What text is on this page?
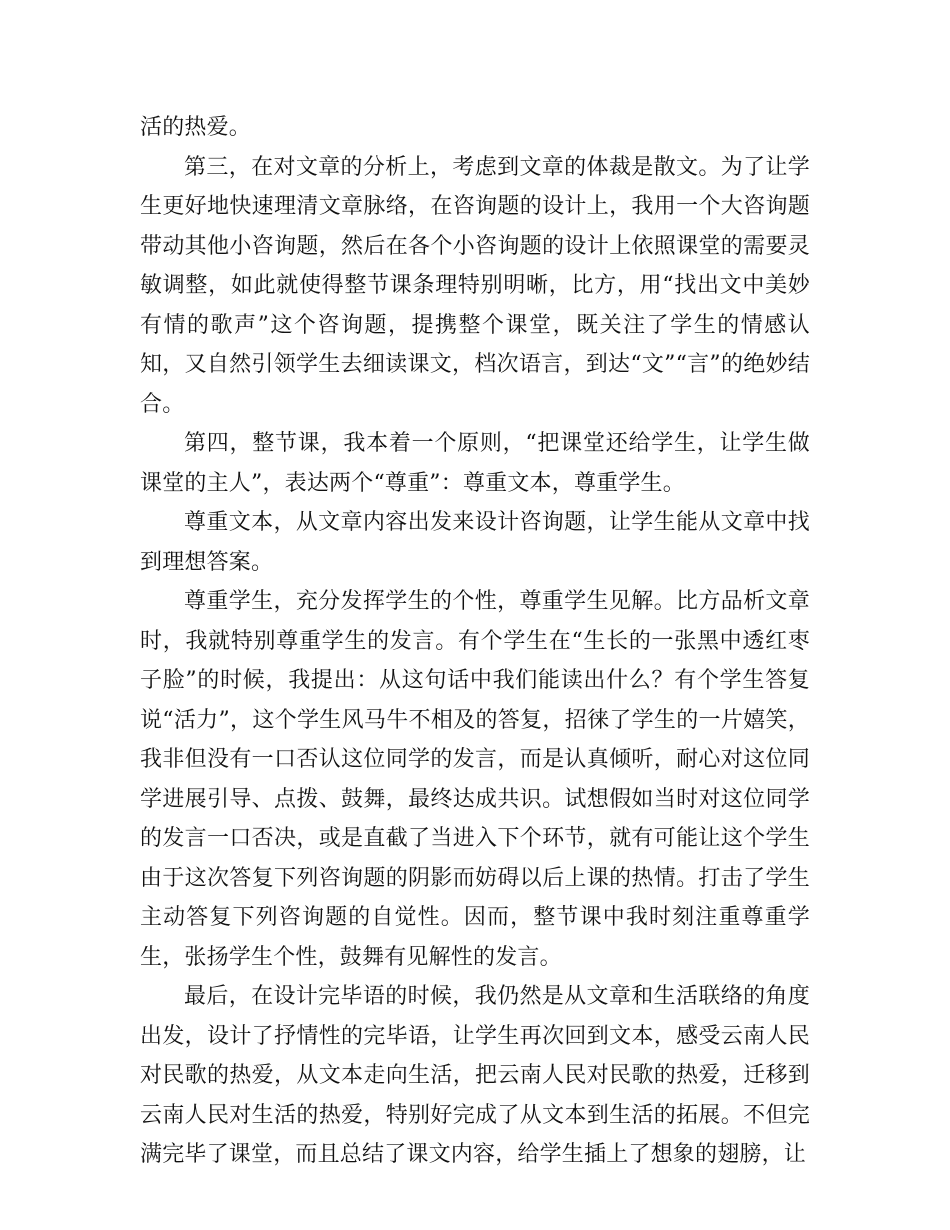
活的热爱。

第三，在对文章的分析上，考虑到文章的体裁是散文。为了让学生更好地快速理清文章脉络，在咨询题的设计上，我用一个大咨询题带动其他小咨询题，然后在各个小咨询题的设计上依照课堂的需要灵敏调整，如此就使得整节课条理特别明晰，比方，用“找出文中美妙有情的歌声”这个咨询题，提携整个课堂，既关注了学生的情感认知，又自然引领学生去细读课文，档次语言，到达“文”“言”的绝妙结合。

第四，整节课，我本着一个原则，“把课堂还给学生，让学生做课堂的主人”，表达两个“尊重”：尊重文本，尊重学生。

尊重文本，从文章内容出发来设计咨询题，让学生能从文章中找到理想答案。

尊重学生，充分发挥学生的个性，尊重学生见解。比方品析文章时，我就特别尊重学生的发言。有个学生在“生长的一张黑中透红枣子脸”的时候，我提出：从这句话中我们能读出什么？有个学生答复说“活力”，这个学生风马牛不相及的答复，招徕了学生的一片嬉笑，我非但没有一口否认这位同学的发言，而是认真倾听，耐心对这位同学进展引导、点拨、鼓舞，最终达成共识。试想假如当时对这位同学的发言一口否决，或是直截了当进入下个环节，就有可能让这个学生由于这次答复下列咨询题的阴影而妨碍以后上课的热情。打击了学生主动答复下列咨询题的自觉性。因而，整节课中我时刻注重尊重学生，张扬学生个性，鼓舞有见解性的发言。

最后，在设计完毕语的时候，我仍然是从文章和生活联络的角度出发，设计了抒情性的完毕语，让学生再次回到文本，感受云南人民对民歌的热爱，从文本走向生活，把云南人民对民歌的热爱，迁移到云南人民对生活的热爱，特别好完成了从文本到生活的拓展。不但完满完毕了课堂，而且总结了课文内容，给学生插上了想象的翅膀，让
